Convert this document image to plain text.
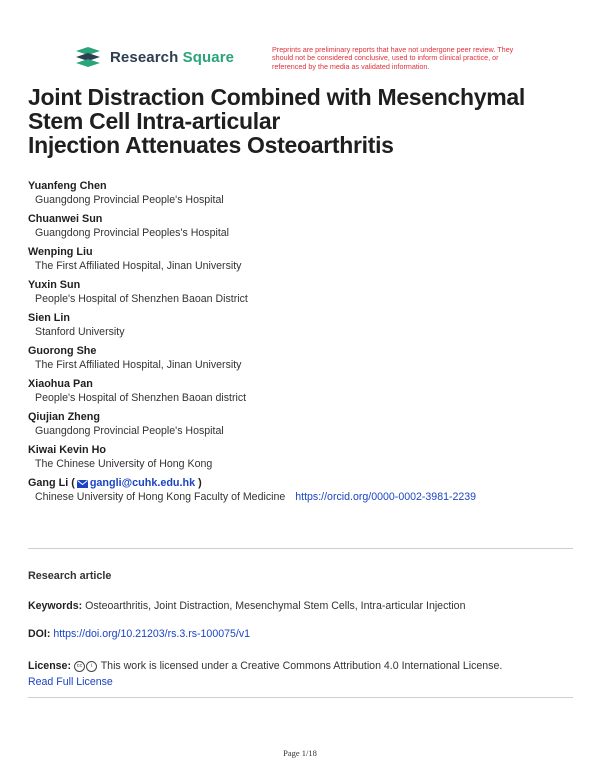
Research Square	Preprints are preliminary reports that have not undergone peer review. They should not be considered conclusive, used to inform clinical practice, or referenced by the media as validated information.
Joint Distraction Combined with Mesenchymal
Stem Cell Intra-articular
Injection Attenuates Osteoarthritis
Yuanfeng Chen
Guangdong Provincial People's Hospital
Chuanwei Sun
Guangdong Provincial Peoples's Hospital
Wenping Liu
The First Affiliated Hospital, Jinan University
Yuxin Sun
People's Hospital of Shenzhen Baoan District
Sien Lin
Stanford University
Guorong She
The First Affiliated Hospital, Jinan University
Xiaohua Pan
People's Hospital of Shenzhen Baoan district
Qiujian Zheng
Guangdong Provincial People's Hospital
Kiwai Kevin Ho
The Chinese University of Hong Kong
Gang Li
( gangli@cuhk.edu.hk
)
Chinese University of Hong Kong Faculty of Medicine https://orcid.org/0000-0002-3981-2239
Research article
Keywords: Osteoarthritis, Joint Distraction, Mesenchymal Stem Cells, Intra-articular Injection
DOI: https://doi.org/10.21203/rs.3.rs-100075/v1
License: cc i This work is licensed under a Creative Commons Attribution 4.0 International License.
Read Full License
Page 1/18
